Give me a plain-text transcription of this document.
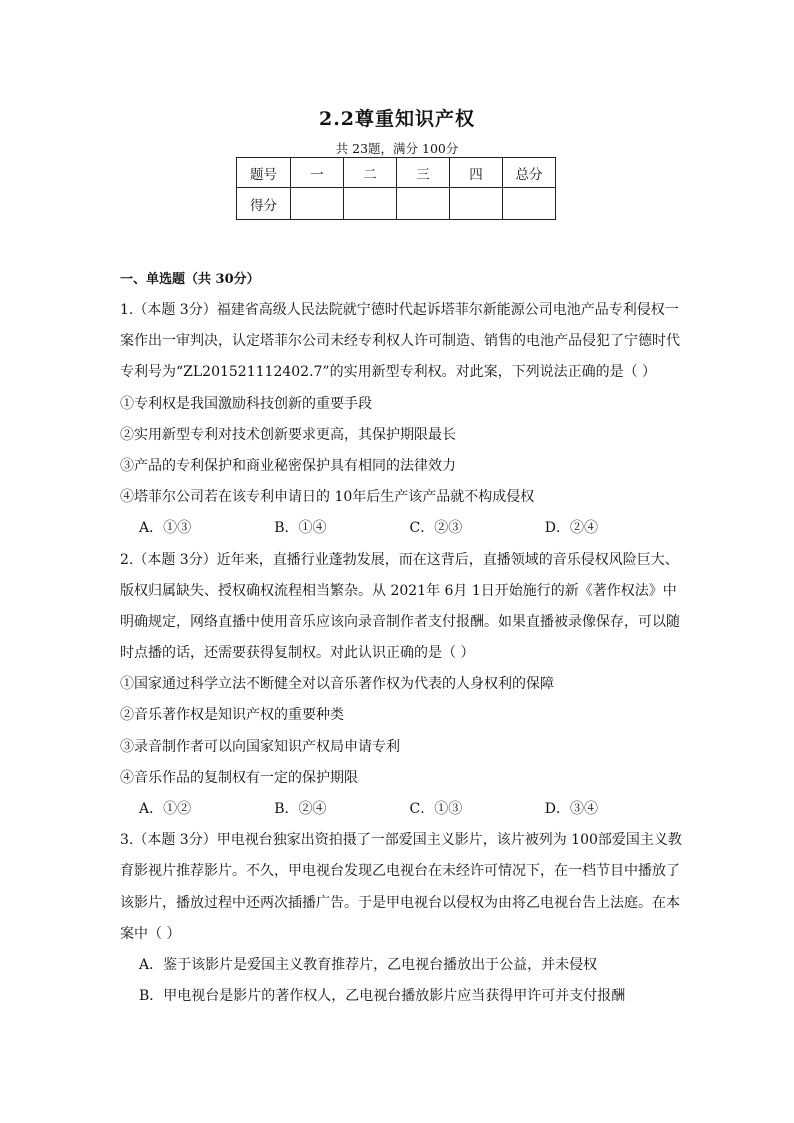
2.2尊重知识产权
共 23题，满分 100分
题号	一	二	三	四	总分
得分					
一、单选题（共 30分）
1.（本题 3分）福建省高级人民法院就宁德时代起诉塔菲尔新能源公司电池产品专利侵权一
案作出一审判决，认定塔菲尔公司未经专利权人许可制造、销售的电池产品侵犯了宁德时代
专利号为“ZL201521112402.7”的实用新型专利权。对此案，下列说法正确的是（ ）
①专利权是我国激励科技创新的重要手段
②实用新型专利对技术创新要求更高，其保护期限最长
③产品的专利保护和商业秘密保护具有相同的法律效力
④塔菲尔公司若在该专利申请日的 10年后生产该产品就不构成侵权
A．①③	B．①④	C．②③	D．②④
2.（本题 3分）近年来，直播行业蓬勃发展，而在这背后，直播领域的音乐侵权风险巨大、
版权归属缺失、授权确权流程相当繁杂。从 2021年 6月 1日开始施行的新《著作权法》中
明确规定，网络直播中使用音乐应该向录音制作者支付报酬。如果直播被录像保存，可以随
时点播的话，还需要获得复制权。对此认识正确的是（ ）
①国家通过科学立法不断健全对以音乐著作权为代表的人身权利的保障
②音乐著作权是知识产权的重要种类
③录音制作者可以向国家知识产权局申请专利
④音乐作品的复制权有一定的保护期限
A．①②	B．②④	C．①③	D．③④
3.（本题 3分）甲电视台独家出资拍摄了一部爱国主义影片，该片被列为 100部爱国主义教
育影视片推荐影片。不久，甲电视台发现乙电视台在未经许可情况下，在一档节目中播放了
该影片，播放过程中还两次插播广告。于是甲电视台以侵权为由将乙电视台告上法庭。在本
案中（ ）
A．鉴于该影片是爱国主义教育推荐片，乙电视台播放出于公益，并未侵权
B．甲电视台是影片的著作权人，乙电视台播放影片应当获得甲许可并支付报酬
